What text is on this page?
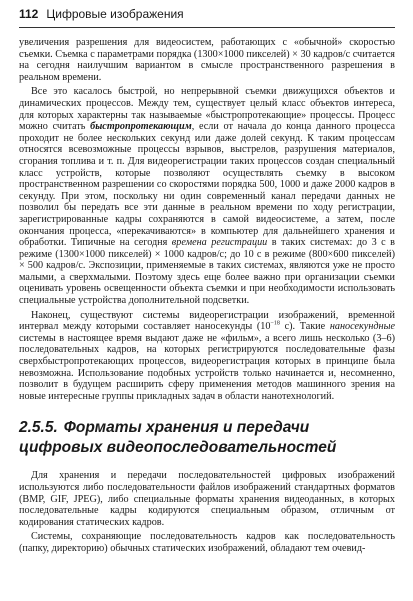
112 Цифровые изображения

увеличения разрешения для видеосистем, работающих с «обычной» скоростью съемки. Съемка с параметрами порядка (1300×1000 пикселей) × 30 кадров/с считается на сегодня наилучшим вариантом в смысле пространственного разрешения в реальном времени.

Все это касалось быстрой, но непрерывной съемки движущихся объектов и динамических процессов. Между тем, существует целый класс объектов интереса, для которых характерны так называемые «быстропротекающие» процессы. Процесс можно считать быстропротекающим, если от начала до конца данного процесса проходит не более нескольких секунд или даже долей секунд. К таким процессам относятся всевозможные процессы взрывов, выстрелов, разрушения материалов, сгорания топлива и т. п. Для видеорегистрации таких процессов создан специальный класс устройств, которые позволяют осуществлять съемку в высоком пространственном разрешении со скоростями порядка 500, 1000 и даже 2000 кадров в секунду. При этом, поскольку ни один современный канал передачи данных не позволил бы передать все эти данные в реальном времени по ходу регистрации, зарегистрированные кадры сохраняются в самой видеосистеме, а затем, после окончания процесса, «перекачиваются» в компьютер для дальнейшего хранения и обработки. Типичные на сегодня времена регистрации в таких системах: до 3 с в режиме (1300×1000 пикселей) × 1000 кадров/с; до 10 с в режиме (800×600 пикселей) × 500 кадров/с. Экспозиции, применяемые в таких системах, являются уже не просто малыми, а сверхмалыми. Поэтому здесь еще более важно при организации съемки оценивать уровень освещенности объекта съемки и при необходимости использовать специальные устройства дополнительной подсветки.

Наконец, существуют системы видеорегистрации изображений, временной интервал между которыми составляет наносекунды ($10^{-18}$ с). Такие наносекундные системы в настоящее время выдают даже не «фильм», а всего лишь несколько (3–6) последовательных кадров, на которых регистрируются последовательные фазы сверхбыстропротекающих процессов, видеорегистрация которых в принципе была невозможна. Использование подобных устройств только начинается и, несомненно, позволит в будущем расширить сферу применения методов машинного зрения на новые интересные группы прикладных задач в области нанотехнологий.

2.5.5. Форматы хранения и передачи цифровых видеопоследовательностей

Для хранения и передачи последовательностей цифровых изображений используются либо последовательности файлов изображений стандартных форматов (BMP, GIF, JPEG), либо специальные форматы хранения видеоданных, в которых последовательные кадры кодируются специальным образом, отличным от кодирования статических кадров.

Системы, сохраняющие последовательность кадров как последовательность (папку, директорию) обычных статических изображений, обладают тем очевид-
